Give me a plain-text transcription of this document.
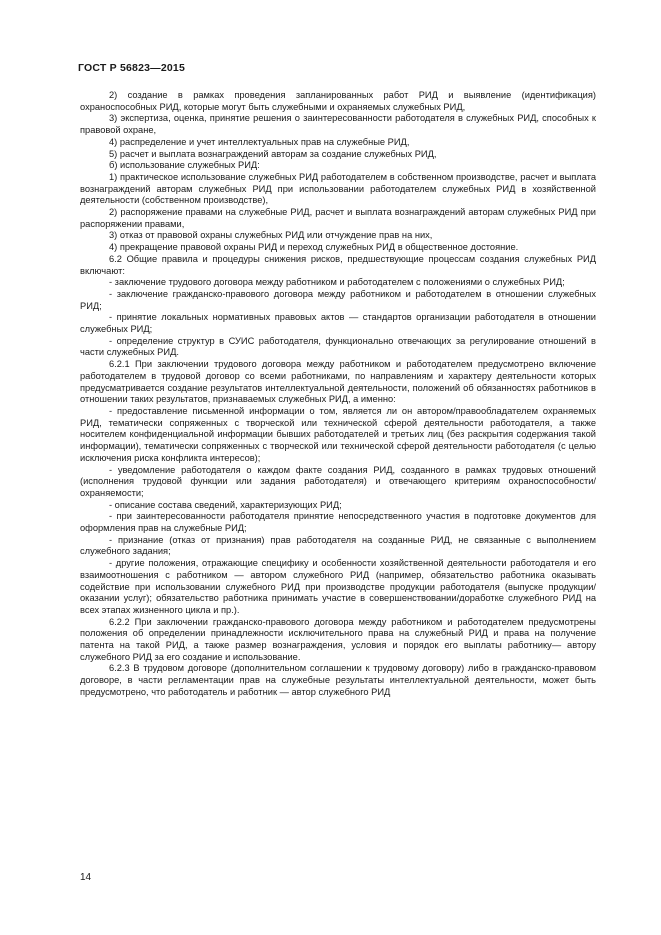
ГОСТ Р 56823—2015

2) создание в рамках проведения запланированных работ РИД и выявление (идентификация) охраноспособных РИД, которые могут быть служебными и охраняемых служебных РИД,

3) экспертиза, оценка, принятие решения о заинтересованности работодателя в служебных РИД, способных к правовой охране,

4) распределение и учет интеллектуальных прав на служебные РИД,

5) расчет и выплата вознаграждений авторам за создание служебных РИД,

б) использование служебных РИД:

1) практическое использование служебных РИД работодателем в собственном производстве, расчет и выплата вознаграждений авторам служебных РИД при использовании работодателем служебных РИД в хозяйственной деятельности (собственном производстве),

2) распоряжение правами на служебные РИД, расчет и выплата вознаграждений авторам служебных РИД при распоряжении правами,

3) отказ от правовой охраны служебных РИД или отчуждение прав на них,

4) прекращение правовой охраны РИД и переход служебных РИД в общественное достояние.

6.2 Общие правила и процедуры снижения рисков, предшествующие процессам создания служебных РИД включают:

- заключение трудового договора между работником и работодателем с положениями о служебных РИД;

- заключение гражданско-правового договора между работником и работодателем в отношении служебных РИД;

- принятие локальных нормативных правовых актов — стандартов организации работодателя в отношении служебных РИД;

- определение структур в СУИС работодателя, функционально отвечающих за регулирование отношений в части служебных РИД.

6.2.1 При заключении трудового договора между работником и работодателем предусмотрено включение работодателем в трудовой договор со всеми работниками, по направлениям и характеру деятельности которых предусматривается создание результатов интеллектуальной деятельности, положений об обязанностях работников в отношении таких результатов, признаваемых служебных РИД, а именно:

- предоставление письменной информации о том, является ли он автором/правообладателем охраняемых РИД, тематически сопряженных с творческой или технической сферой деятельности работодателя, а также носителем конфиденциальной информации бывших работодателей и третьих лиц (без раскрытия содержания такой информации), тематически сопряженных с творческой или технической сферой деятельности работодателя (с целью исключения риска конфликта интересов);

- уведомление работодателя о каждом факте создания РИД, созданного в рамках трудовых отношений (исполнения трудовой функции или задания работодателя) и отвечающего критериям охраноспособности/охраняемости;

- описание состава сведений, характеризующих РИД;

- при заинтересованности работодателя принятие непосредственного участия в подготовке документов для оформления прав на служебные РИД;

- признание (отказ от признания) прав работодателя на созданные РИД, не связанные с выполнением служебного задания;

- другие положения, отражающие специфику и особенности хозяйственной деятельности работодателя и его взаимоотношения с работником — автором служебного РИД (например, обязательство работника оказывать содействие при использовании служебного РИД при производстве продукции работодателя (выпуске продукции/оказании услуг); обязательство работника принимать участие в совершенствовании/доработке служебного РИД на всех этапах жизненного цикла и пр.).

6.2.2 При заключении гражданско-правового договора между работником и работодателем предусмотрены положения об определении принадлежности исключительного права на служебный РИД и права на получение патента на такой РИД, а также размер вознаграждения, условия и порядок его выплаты работнику— автору служебного РИД за его создание и использование.

6.2.3 В трудовом договоре (дополнительном соглашении к трудовому договору) либо в гражданско-правовом договоре, в части регламентации прав на служебные результаты интеллектуальной деятельности, может быть предусмотрено, что работодатель и работник — автор служебного РИД

14
